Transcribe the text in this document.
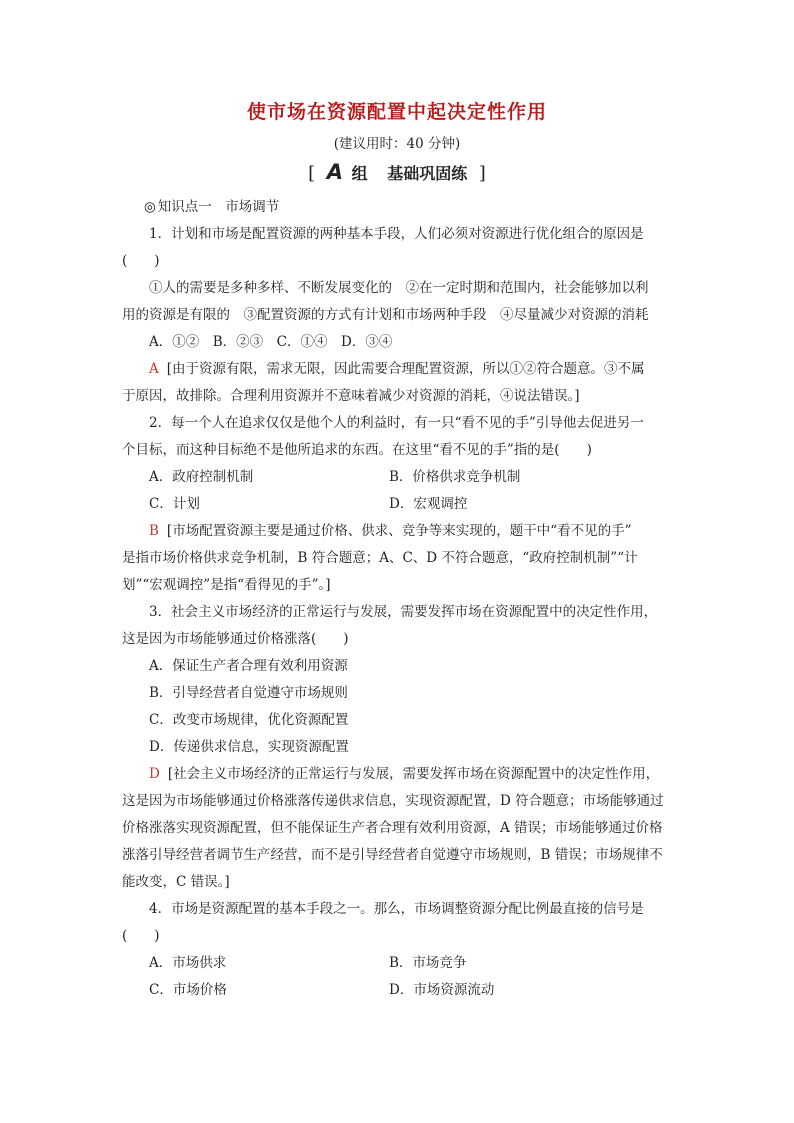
使市场在资源配置中起决定性作用
(建议用时：40 分钟)
[ A 组 基础巩固练 ]
◎ 知识点一　市场调节
1．计划和市场是配置资源的两种基本手段，人们必须对资源进行优化组合的原因是
(　　)
①人的需要是多种多样、不断发展变化的　②在一定时期和范围内，社会能够加以利
用的资源是有限的　③配置资源的方式有计划和市场两种手段　④尽量减少对资源的消耗
A．①②　B．②③　C．①④　D．③④
A [由于资源有限，需求无限，因此需要合理配置资源，所以①②符合题意。③不属
于原因，故排除。合理利用资源并不意味着减少对资源的消耗，④说法错误。]
2．每一个人在追求仅仅是他个人的利益时，有一只“看不见的手”引导他去促进另一
个目标，而这种目标绝不是他所追求的东西。在这里“看不见的手”指的是(　　)
A．政府控制机制	B．价格供求竞争机制
C．计划	D．宏观调控
B [市场配置资源主要是通过价格、供求、竞争等来实现的，题干中“看不见的手”
是指市场价格供求竞争机制，B 符合题意；A、C、D 不符合题意，“政府控制机制”“计
划”“宏观调控”是指“看得见的手”。]
3．社会主义市场经济的正常运行与发展，需要发挥市场在资源配置中的决定性作用，
这是因为市场能够通过价格涨落(　　)
A．保证生产者合理有效利用资源
B．引导经营者自觉遵守市场规则
C．改变市场规律，优化资源配置
D．传递供求信息，实现资源配置
D [社会主义市场经济的正常运行与发展，需要发挥市场在资源配置中的决定性作用，
这是因为市场能够通过价格涨落传递供求信息，实现资源配置，D 符合题意；市场能够通过
价格涨落实现资源配置，但不能保证生产者合理有效利用资源，A 错误；市场能够通过价格
涨落引导经营者调节生产经营，而不是引导经营者自觉遵守市场规则，B 错误；市场规律不
能改变，C 错误。]
4．市场是资源配置的基本手段之一。那么，市场调整资源分配比例最直接的信号是
(　　)
A．市场供求	B．市场竞争
C．市场价格	D．市场资源流动
